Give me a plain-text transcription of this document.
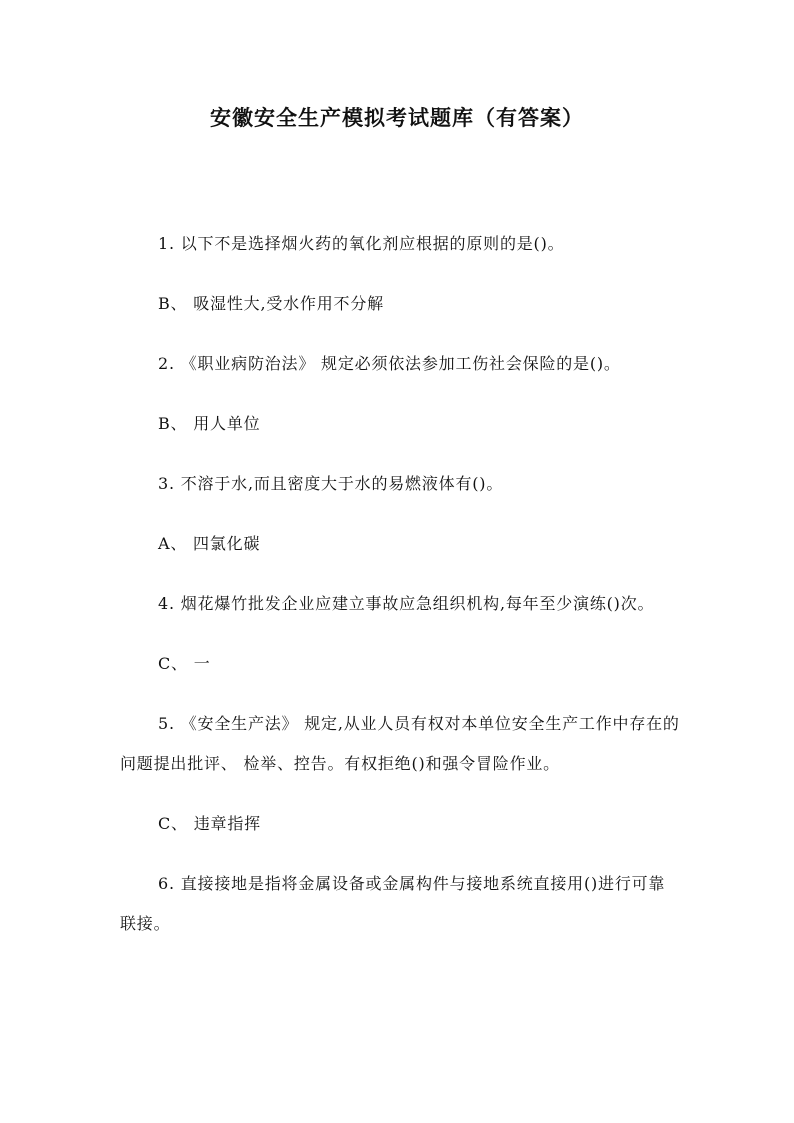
安徽安全生产模拟考试题库（有答案）

1. 以下不是选择烟火药的氧化剂应根据的原则的是()。

B、 吸湿性大,受水作用不分解

2. 《职业病防治法》 规定必须依法参加工伤社会保险的是()。

B、 用人单位

3. 不溶于水,而且密度大于水的易燃液体有()。

A、 四氯化碳

4. 烟花爆竹批发企业应建立事故应急组织机构,每年至少演练()次。

C、 一

5. 《安全生产法》 规定,从业人员有权对本单位安全生产工作中存在的问题提出批评、 检举、控告。有权拒绝()和强令冒险作业。

C、 违章指挥

6. 直接接地是指将金属设备或金属构件与接地系统直接用()进行可靠联接。
